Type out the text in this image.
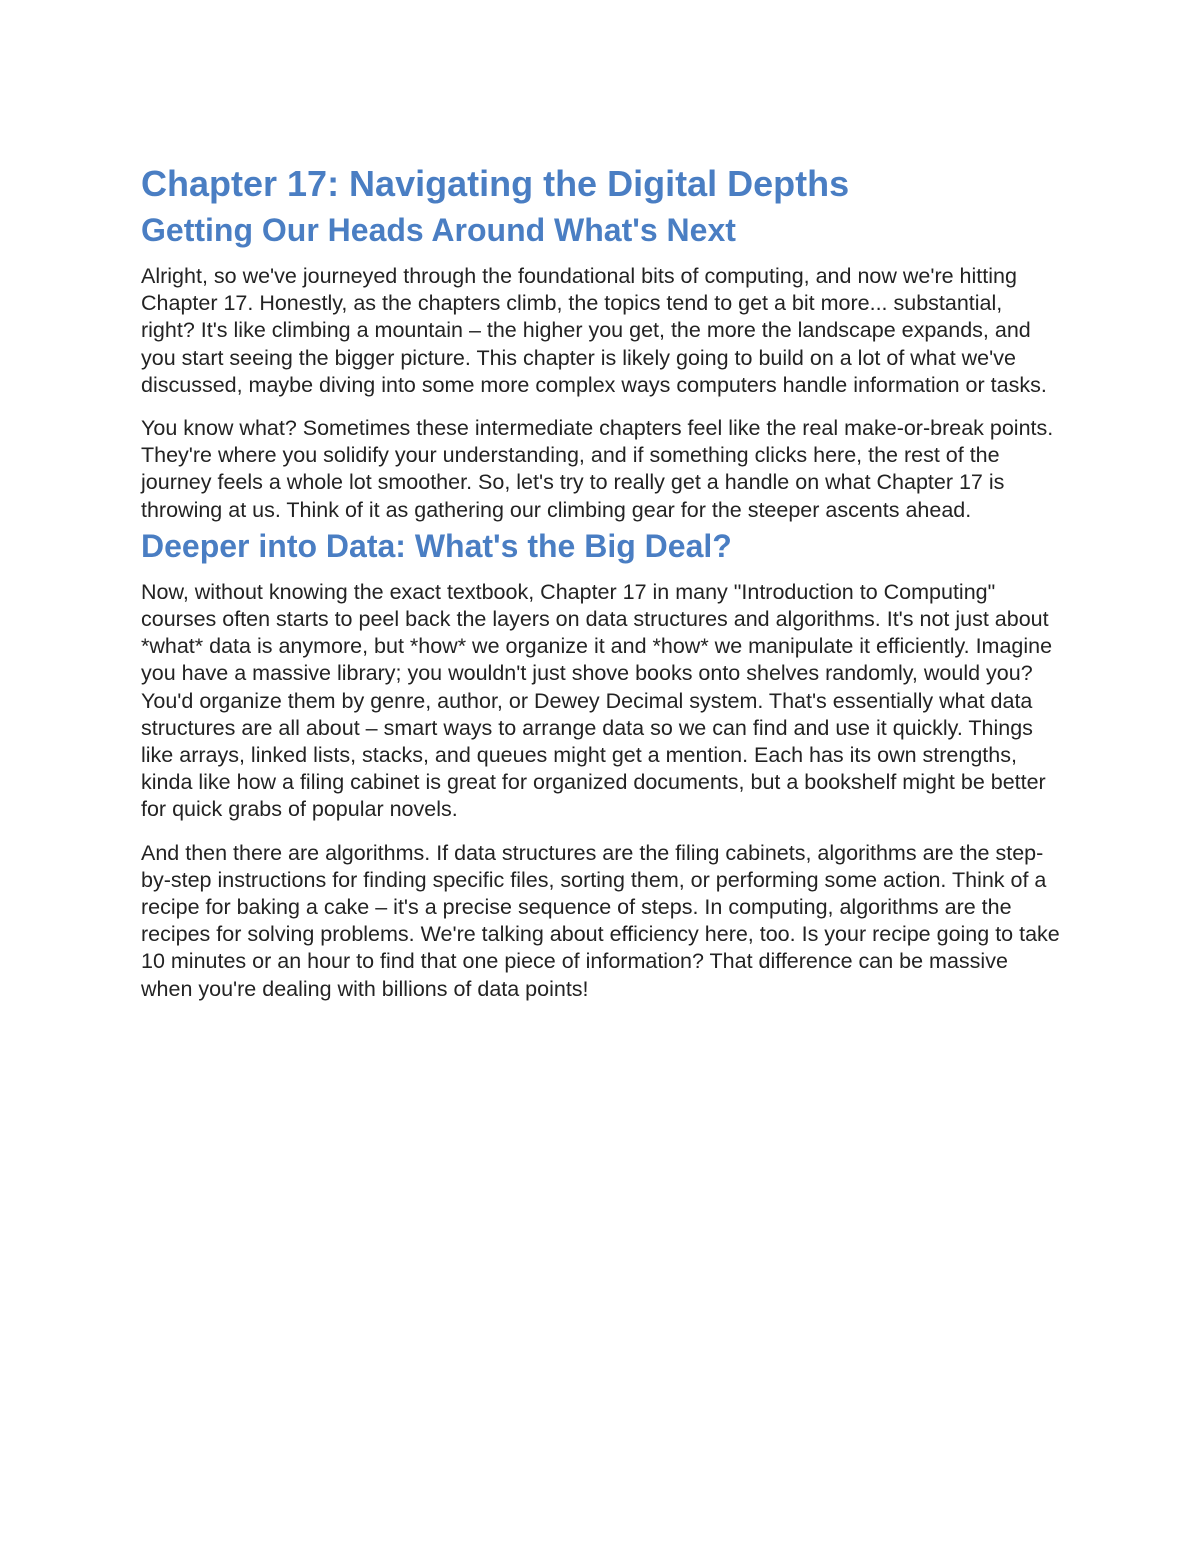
Chapter 17: Navigating the Digital Depths
Getting Our Heads Around What's Next

Alright, so we've journeyed through the foundational bits of computing, and now we're hitting Chapter 17. Honestly, as the chapters climb, the topics tend to get a bit more... substantial, right? It's like climbing a mountain – the higher you get, the more the landscape expands, and you start seeing the bigger picture. This chapter is likely going to build on a lot of what we've discussed, maybe diving into some more complex ways computers handle information or tasks.

You know what? Sometimes these intermediate chapters feel like the real make-or-break points. They're where you solidify your understanding, and if something clicks here, the rest of the journey feels a whole lot smoother. So, let's try to really get a handle on what Chapter 17 is throwing at us. Think of it as gathering our climbing gear for the steeper ascents ahead.

Deeper into Data: What's the Big Deal?

Now, without knowing the exact textbook, Chapter 17 in many "Introduction to Computing" courses often starts to peel back the layers on data structures and algorithms. It's not just about *what* data is anymore, but *how* we organize it and *how* we manipulate it efficiently. Imagine you have a massive library; you wouldn't just shove books onto shelves randomly, would you? You'd organize them by genre, author, or Dewey Decimal system. That's essentially what data structures are all about – smart ways to arrange data so we can find and use it quickly. Things like arrays, linked lists, stacks, and queues might get a mention. Each has its own strengths, kinda like how a filing cabinet is great for organized documents, but a bookshelf might be better for quick grabs of popular novels.

And then there are algorithms. If data structures are the filing cabinets, algorithms are the step-by-step instructions for finding specific files, sorting them, or performing some action. Think of a recipe for baking a cake – it's a precise sequence of steps. In computing, algorithms are the recipes for solving problems. We're talking about efficiency here, too. Is your recipe going to take 10 minutes or an hour to find that one piece of information? That difference can be massive when you're dealing with billions of data points!
